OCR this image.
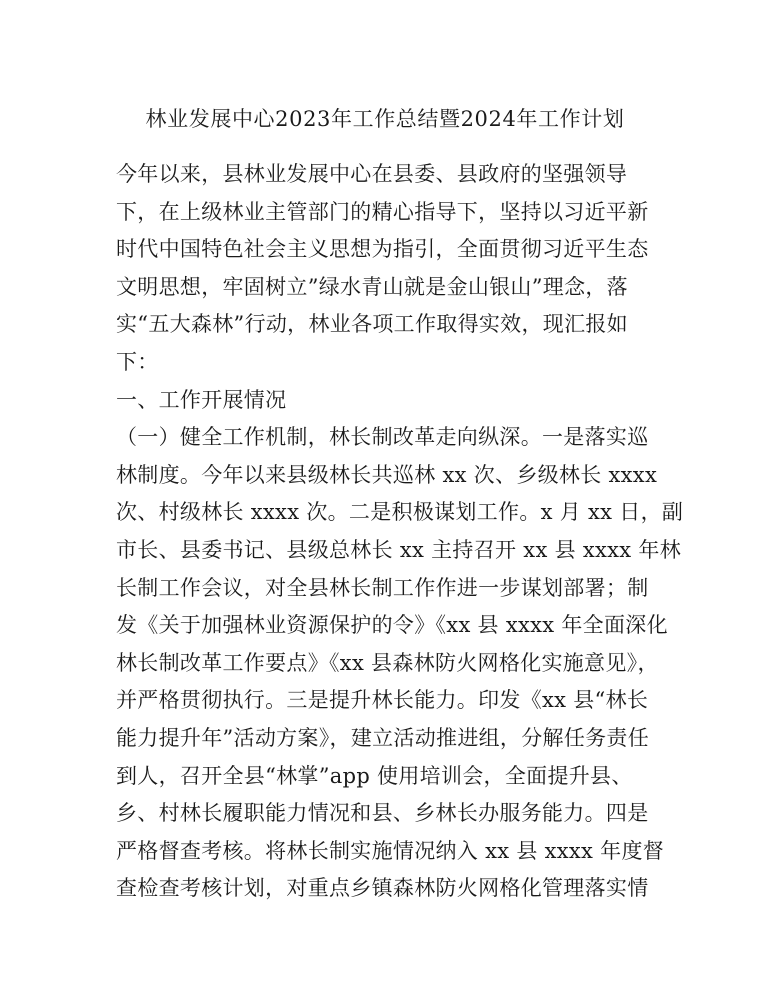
林业发展中心2023年工作总结暨2024年工作计划
今年以来，县林业发展中心在县委、县政府的坚强领导
下，在上级林业主管部门的精心指导下，坚持以习近平新
时代中国特色社会主义思想为指引，全面贯彻习近平生态
文明思想，牢固树立”绿水青山就是金山银山”理念，落
实“五大森林”行动，林业各项工作取得实效，现汇报如
下：
一、工作开展情况
（一）健全工作机制，林长制改革走向纵深。一是落实巡
林制度。今年以来县级林长共巡林 xx 次、乡级林长 xxxx
次、村级林长 xxxx 次。二是积极谋划工作。x 月 xx 日，副
市长、县委书记、县级总林长 xx 主持召开 xx 县 xxxx 年林
长制工作会议，对全县林长制工作作进一步谋划部署；制
发《关于加强林业资源保护的令》《xx 县 xxxx 年全面深化
林长制改革工作要点》《xx 县森林防火网格化实施意见》，
并严格贯彻执行。三是提升林长能力。印发《xx 县“林长
能力提升年”活动方案》，建立活动推进组，分解任务责任
到人，召开全县“林掌”app 使用培训会，全面提升县、
乡、村林长履职能力情况和县、乡林长办服务能力。四是
严格督查考核。将林长制实施情况纳入 xx 县 xxxx 年度督
查检查考核计划，对重点乡镇森林防火网格化管理落实情
